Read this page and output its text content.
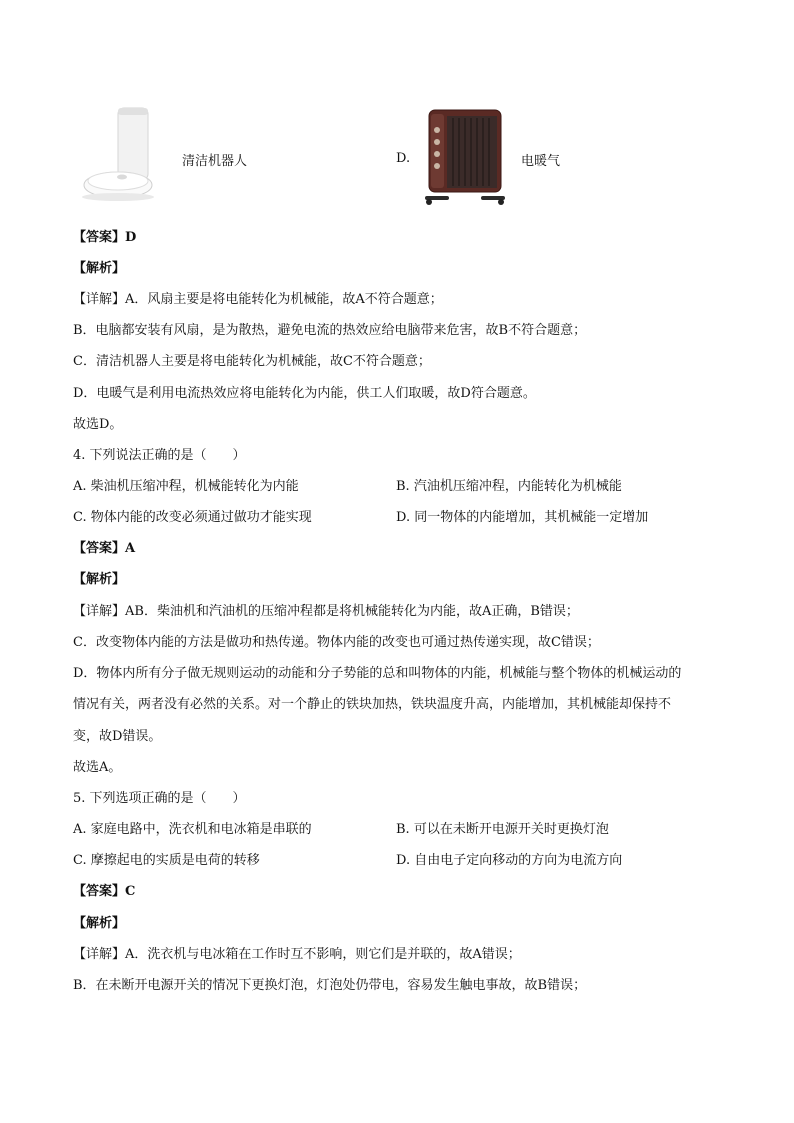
清洁机器人	D.	电暖气
【答案】D
【解析】
【详解】A．风扇主要是将电能转化为机械能，故A不符合题意；
B．电脑都安装有风扇，是为散热，避免电流的热效应给电脑带来危害，故B不符合题意；
C．清洁机器人主要是将电能转化为机械能，故C不符合题意；
D．电暖气是利用电流热效应将电能转化为内能，供工人们取暖，故D符合题意。
故选D。
4. 下列说法正确的是（　　）
A. 柴油机压缩冲程，机械能转化为内能	B. 汽油机压缩冲程，内能转化为机械能
C. 物体内能的改变必须通过做功才能实现	D. 同一物体的内能增加，其机械能一定增加
【答案】A
【解析】
【详解】AB．柴油机和汽油机的压缩冲程都是将机械能转化为内能，故A正确，B错误；
C．改变物体内能的方法是做功和热传递。物体内能的改变也可通过热传递实现，故C错误；
D．物体内所有分子做无规则运动的动能和分子势能的总和叫物体的内能，机械能与整个物体的机械运动的
情况有关，两者没有必然的关系。对一个静止的铁块加热，铁块温度升高，内能增加，其机械能却保持不
变，故D错误。
故选A。
5. 下列选项正确的是（　　）
A. 家庭电路中，洗衣机和电冰箱是串联的	B. 可以在未断开电源开关时更换灯泡
C. 摩擦起电的实质是电荷的转移	D. 自由电子定向移动的方向为电流方向
【答案】C
【解析】
【详解】A．洗衣机与电冰箱在工作时互不影响，则它们是并联的，故A错误；
B．在未断开电源开关的情况下更换灯泡，灯泡处仍带电，容易发生触电事故，故B错误；
